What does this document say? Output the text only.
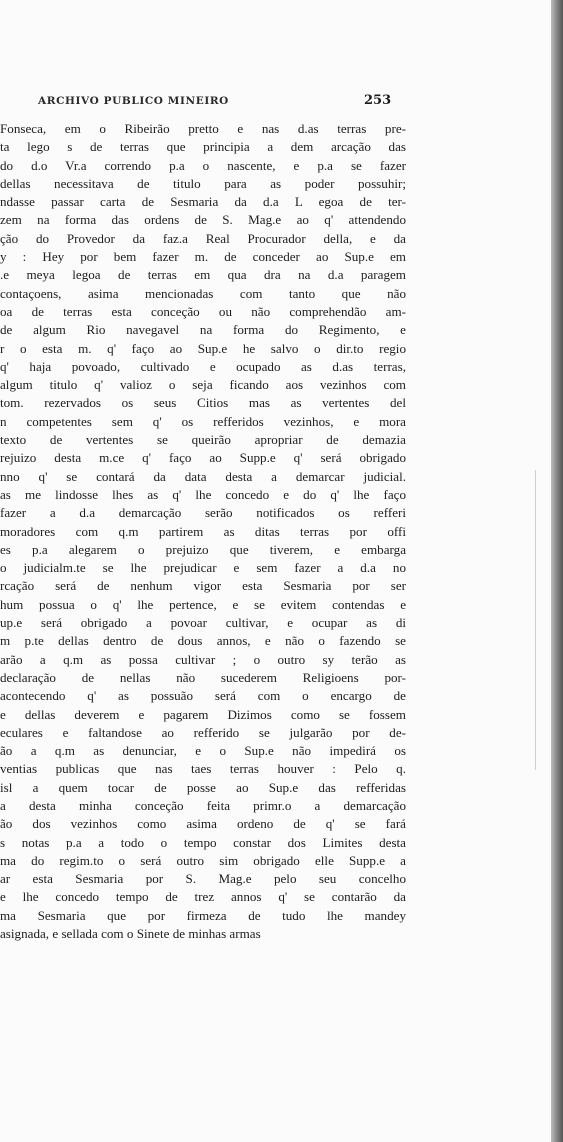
ARCHIVO PUBLICO MINEIRO	253
Fonseca, em o Ribeirão pretto e nas d.as terras pre-
ta lego s de terras que principia a dem arcação das
do d.o Vr.a correndo p.a o nascente, e p.a se fazer
dellas necessitava de titulo para as poder possuhir;
ndasse passar carta de Sesmaria da d.a L egoa de ter-
zem na forma das ordens de S. Mag.e ao q' attendendo
ção do Provedor da faz.a Real Procurador della, e da
y : Hey por bem fazer m. de conceder ao Sup.e em
.e meya legoa de terras em qua dra na d.a paragem
contaçoens, asima mencionadas com tanto que não
oa de terras esta conceção ou não comprehendão am-
de algum Rio navegavel na forma do Regimento, e
r o esta m. q' faço ao Sup.e he salvo o dir.to regio
q' haja povoado, cultivado e ocupado as d.as terras,
algum titulo q' valioz o seja ficando aos vezinhos com
tom. rezervados os seus Citios mas as vertentes del
n competentes sem q' os refferidos vezinhos, e mora
texto de vertentes se queirão apropriar de demazia
rejuizo desta m.ce q' faço ao Supp.e q' será obrigado
nno q' se contará da data desta a demarcar judicial.
as me lindosse lhes as q' lhe concedo e do q' lhe faço
fazer a d.a demarcação serão notificados os refferi
moradores com q.m partirem as ditas terras por offi
es p.a alegarem o prejuizo que tiverem, e embarga
o judicialm.te se lhe prejudicar e sem fazer a d.a no
rcação será de nenhum vigor esta Sesmaria por ser
hum possua o q' lhe pertence, e se evitem contendas e
up.e será obrigado a povoar cultivar, e ocupar as di
m p.te dellas dentro de dous annos, e não o fazendo se
arão a q.m as possa cultivar ; o outro sy terão as
declaração de nellas não sucederem Religioens por-
acontecendo q' as possuão será com o encargo de
e dellas deverem e pagarem Dizimos como se fossem
eculares e faltandose ao refferido se julgarão por de-
ão a q.m as denunciar, e o Sup.e não impedirá os
ventias publicas que nas taes terras houver : Pelo q.
isl a quem tocar de posse ao Sup.e das refferidas
a desta minha conceção feita primr.o a demarcação
ão dos vezinhos como asima ordeno de q' se fará
s notas p.a a todo o tempo constar dos Limites desta
ma do regim.to o será outro sim obrigado elle Supp.e a
ar esta Sesmaria por S. Mag.e pelo seu concelho
e lhe concedo tempo de trez annos q' se contarão da
ma Sesmaria que por firmeza de tudo lhe mandey
asignada, e sellada com o Sinete de minhas armas
